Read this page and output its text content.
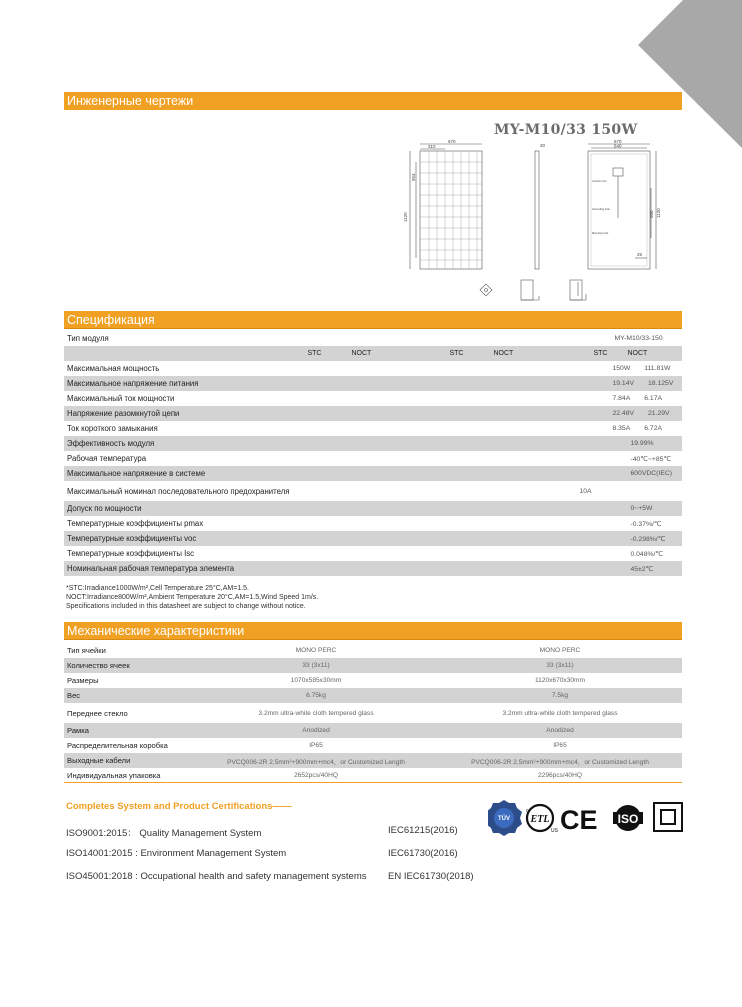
Инженерные чертежи
MY-M10/33 150W
670
310
1120
954
30
670
640
1120
500
25
Junction box
Grounding hole
Mounting hole
Спецификация
Тип модуля			MY-M10/33-150
	STC NOCT	STC NOCT	STC NOCT
Максимальная мощность			150W 111.81W
Максимальное напряжение питания			19.14V 18.125V
Максимальный ток мощности			7.84A 6.17A
Напряжение разомкнутой цепи			22.48V 21.29V
Ток короткого замыкания			8.35A 6.72A
Эффективность модуля			19.99%
Рабочая температура			-40℃~+85℃
Максимальное напряжение в системе			600VDC(IEC)
Максимальный номинал последовательного предохранителя			10A
Допуск по мощности			0~+5W
Температурные коэффициенты pmax			-0.37%/℃
Температурные коэффициенты voc			-0.298%/℃
Температурные коэффициенты Isc			0.048%/℃
Номинальная рабочая температура элемента			45±2℃
*STC:Irradiance1000W/m²,Cell Temperature 25°C,AM=1.5.
NOCT:Irradiance800W/m²,Ambient Temperature 20°C,AM=1.5,Wind Speed 1m/s.
Specifications included in this datasheet are subject to change without notice.
Механические характеристики
Тип ячейки	MONO PERC	MONO PERC
Количество ячеек	33 (3x11)	33 (3x11)
Размеры	1070x585x30mm	1120x670x30mm
Вес	6.75kg	7.5kg
Переднее стекло	3.2mm ultra-white cloth tempered glass	3.2mm ultra-white cloth tempered glass
Рамка	Anodized	Anodized
Распределительная коробка	IP65	IP65
Выходные кабели	PVCQ006-2R 2.5mm²+900mm+mc4，or Customized Length	PVCQ006-2R 2.5mm²+900mm+mc4，or Customized Length
Индивидуальная упаковка	2652pcs/40HQ	2296pcs/40HQ
Completes System and Product Certifications——
ISO9001:2015： Quality Management System
ISO14001:2015 : Environment Management System
ISO45001:2018 : Occupational health and safety management systems
IEC61215(2016)
IEC61730(2016)
EN IEC61730(2018)
TÜV ETL
c
US CE ISO
